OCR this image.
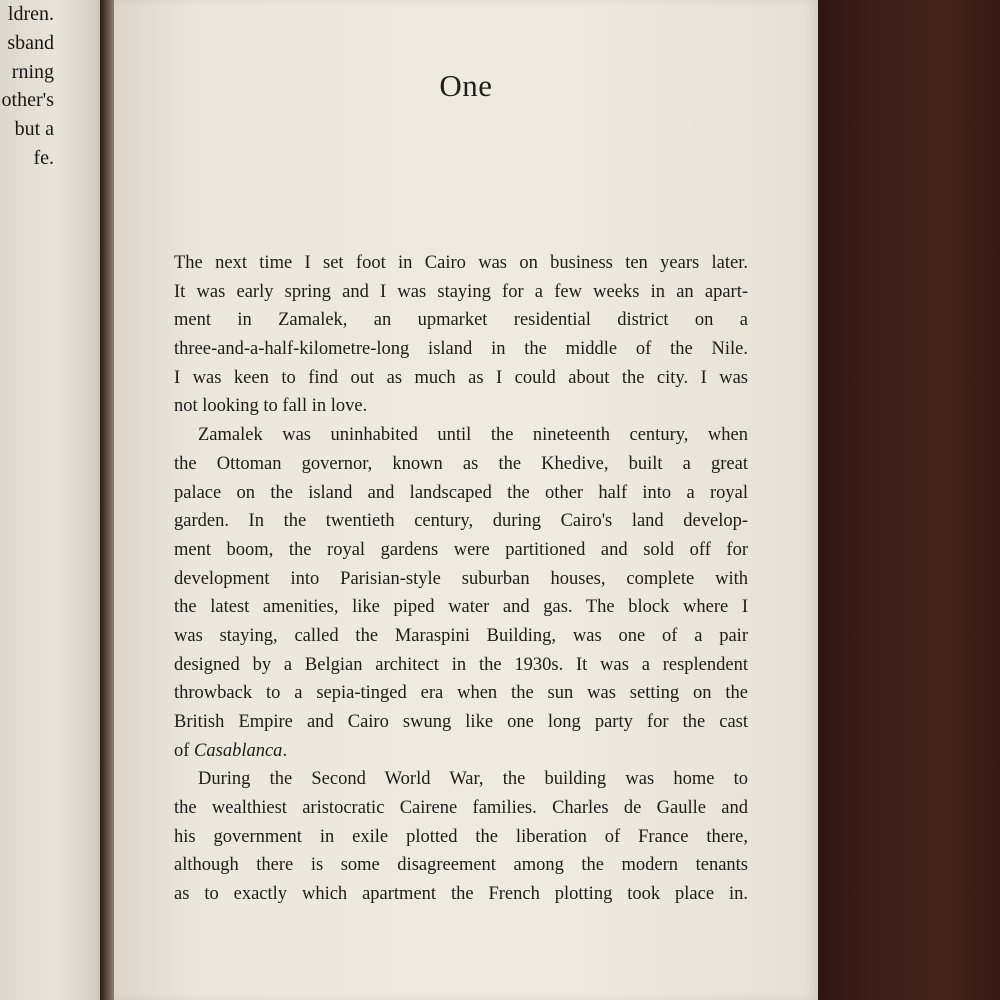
ldren.
sband
rning
other's
but a
fe.
One
The next time I set foot in Cairo was on business ten years later.
It was early spring and I was staying for a few weeks in an apart-
ment in Zamalek, an upmarket residential district on a
three-and-a-half-kilometre-long island in the middle of the Nile.
I was keen to find out as much as I could about the city. I was
not looking to fall in love.
Zamalek was uninhabited until the nineteenth century, when
the Ottoman governor, known as the Khedive, built a great
palace on the island and landscaped the other half into a royal
garden. In the twentieth century, during Cairo's land develop-
ment boom, the royal gardens were partitioned and sold off for
development into Parisian-style suburban houses, complete with
the latest amenities, like piped water and gas. The block where I
was staying, called the Maraspini Building, was one of a pair
designed by a Belgian architect in the 1930s. It was a resplendent
throwback to a sepia-tinged era when the sun was setting on the
British Empire and Cairo swung like one long party for the cast
of Casablanca.
During the Second World War, the building was home to
the wealthiest aristocratic Cairene families. Charles de Gaulle and
his government in exile plotted the liberation of France there,
although there is some disagreement among the modern tenants
as to exactly which apartment the French plotting took place in.
